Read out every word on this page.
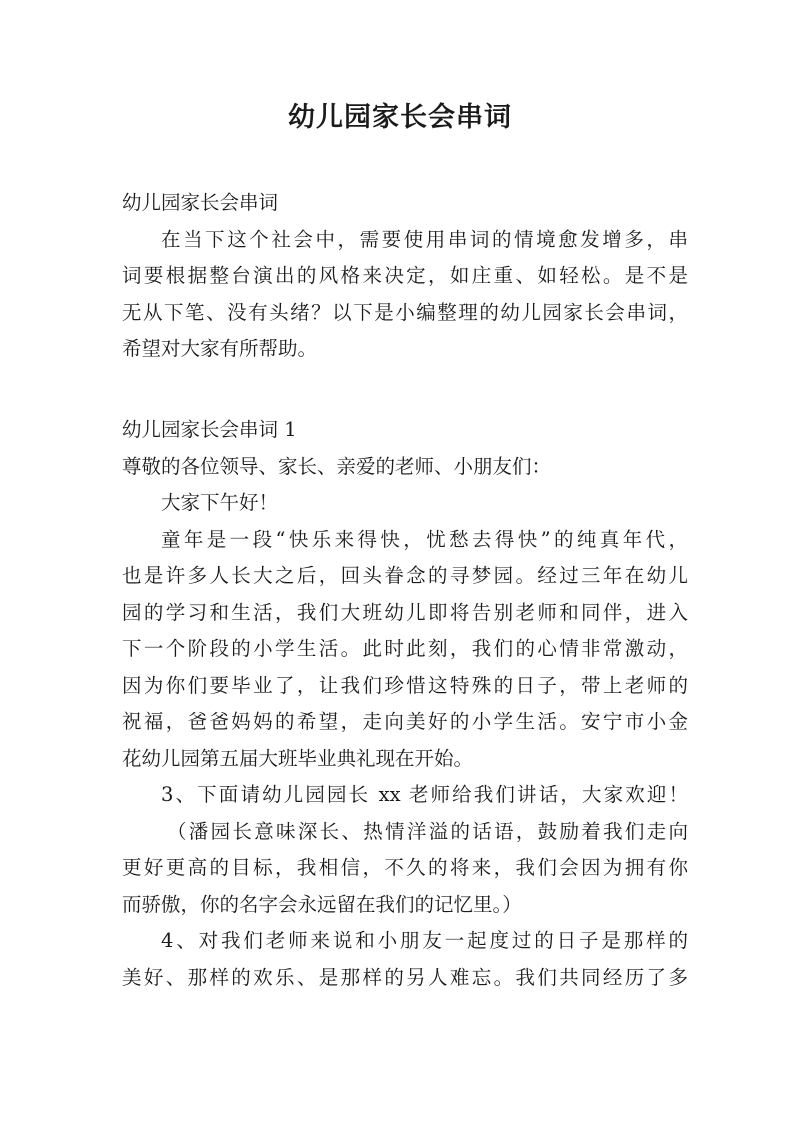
幼儿园家长会串词
幼儿园家长会串词
在当下这个社会中，需要使用串词的情境愈发增多，串
词要根据整台演出的风格来决定，如庄重、如轻松。是不是
无从下笔、没有头绪？以下是小编整理的幼儿园家长会串词，
希望对大家有所帮助。
幼儿园家长会串词 1
尊敬的各位领导、家长、亲爱的老师、小朋友们：
大家下午好！
童年是一段“快乐来得快，忧愁去得快”的纯真年代，
也是许多人长大之后，回头眷念的寻梦园。经过三年在幼儿
园的学习和生活，我们大班幼儿即将告别老师和同伴，进入
下一个阶段的小学生活。此时此刻，我们的心情非常激动，
因为你们要毕业了，让我们珍惜这特殊的日子，带上老师的
祝福，爸爸妈妈的希望，走向美好的小学生活。安宁市小金
花幼儿园第五届大班毕业典礼现在开始。
3、下面请幼儿园园长 xx 老师给我们讲话，大家欢迎！
（潘园长意味深长、热情洋溢的话语，鼓励着我们走向
更好更高的目标，我相信，不久的将来，我们会因为拥有你
而骄傲，你的名字会永远留在我们的记忆里。）
4、对我们老师来说和小朋友一起度过的日子是那样的
美好、那样的欢乐、是那样的另人难忘。我们共同经历了多
